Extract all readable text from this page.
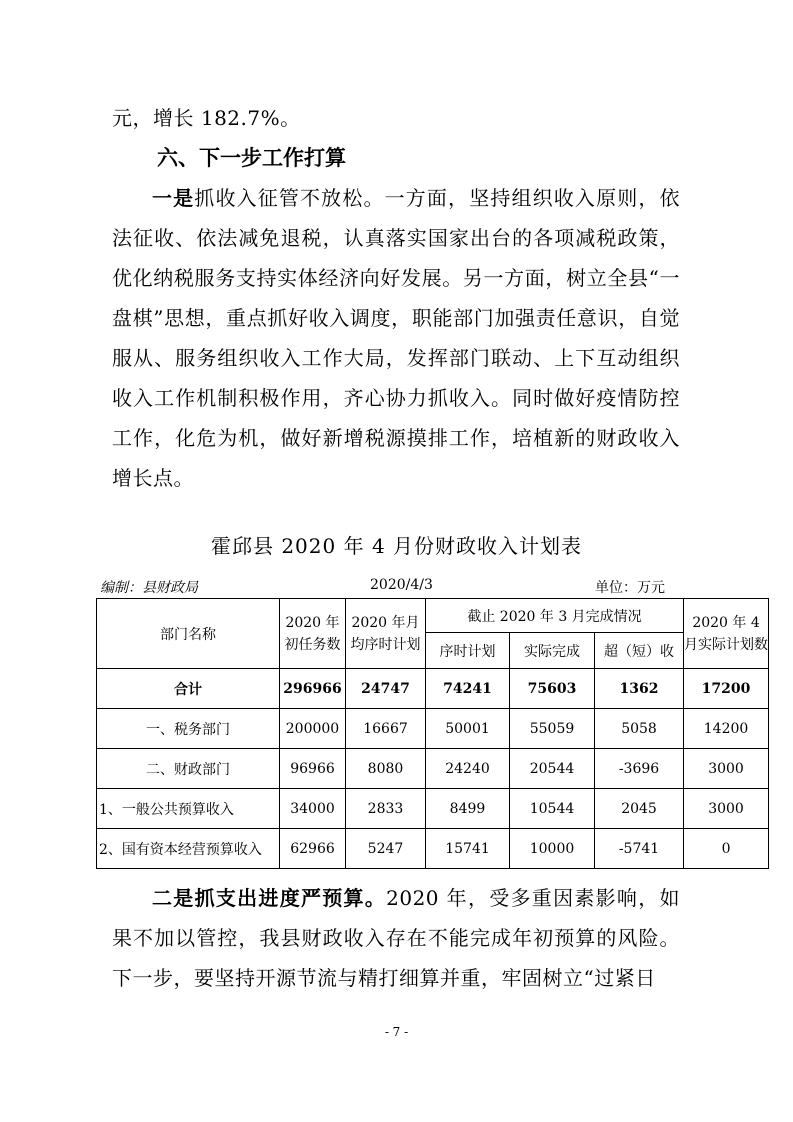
元，增长 182.7%。

六、下一步工作打算

一是抓收入征管不放松。一方面，坚持组织收入原则，依法征收、依法减免退税，认真落实国家出台的各项减税政策，优化纳税服务支持实体经济向好发展。另一方面，树立全县“一盘棋”思想，重点抓好收入调度，职能部门加强责任意识，自觉服从、服务组织收入工作大局，发挥部门联动、上下互动组织收入工作机制积极作用，齐心协力抓收入。同时做好疫情防控工作，化危为机，做好新增税源摸排工作，培植新的财政收入增长点。

霍邱县 2020 年 4 月份财政收入计划表

编制：县财政局	2020/4/3	单位：万元
部门名称	2020 年初任务数	2020 年月均序时计划	截止 2020 年 3 月完成情况			2020 年 4 月实际计划数
			序时计划	实际完成	超（短）收	
合计	296966	24747	74241	75603	1362	17200
一、税务部门	200000	16667	50001	55059	5058	14200
二、财政部门	96966	8080	24240	20544	-3696	3000
1、一般公共预算收入	34000	2833	8499	10544	2045	3000
2、国有资本经营预算收入	62966	5247	15741	10000	-5741	0

二是抓支出进度严预算。2020 年，受多重因素影响，如果不加以管控，我县财政收入存在不能完成年初预算的风险。下一步，要坚持开源节流与精打细算并重，牢固树立“过紧日

- 7 -
